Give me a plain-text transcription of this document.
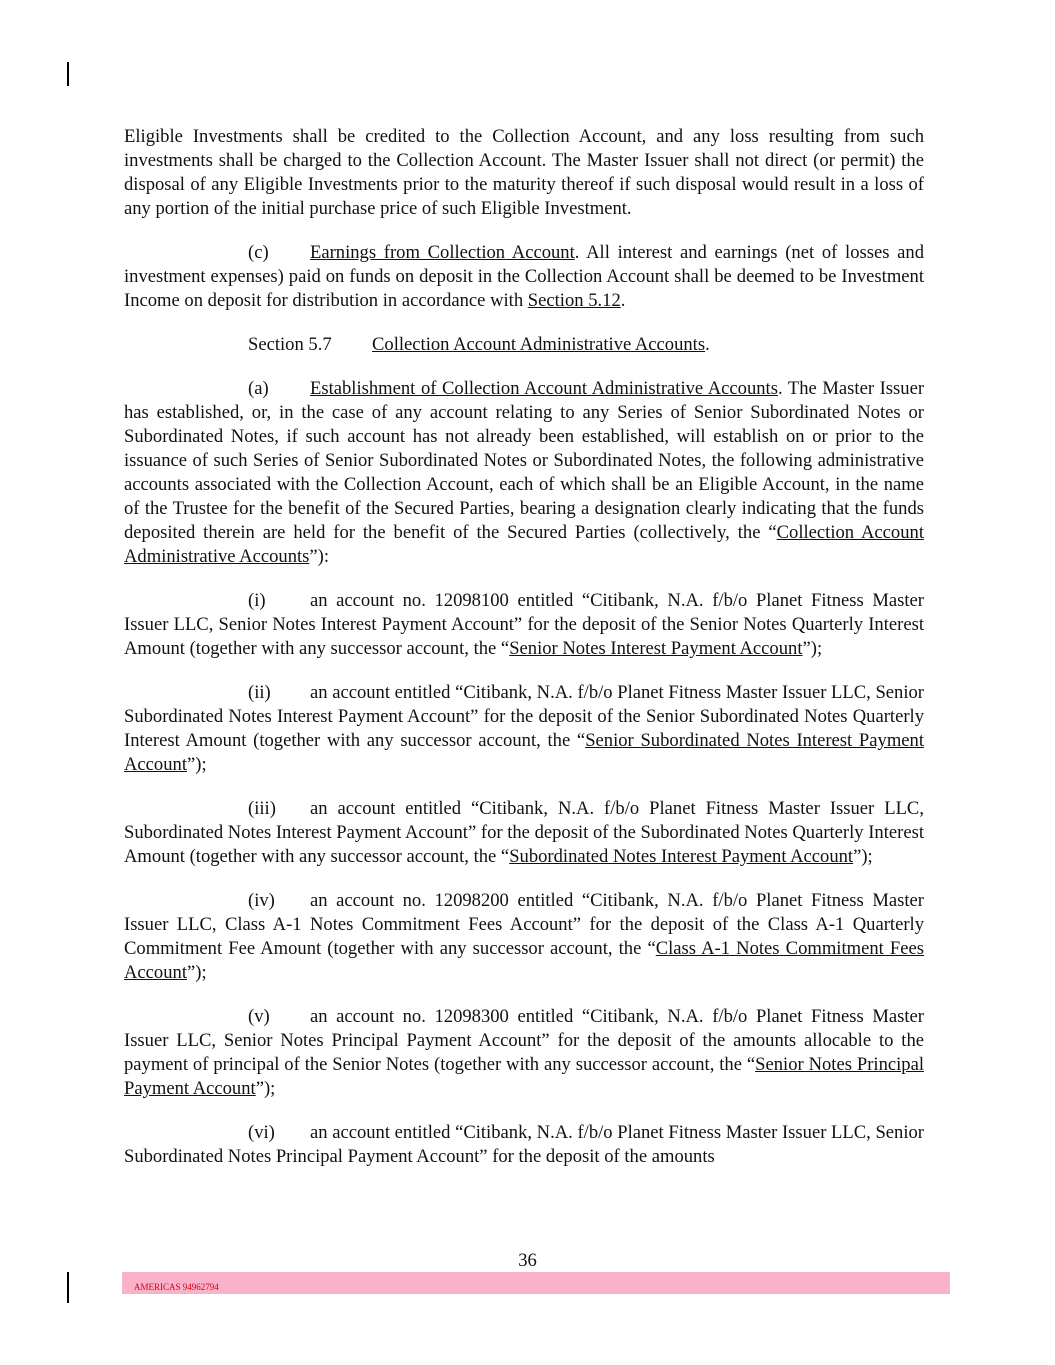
Eligible Investments shall be credited to the Collection Account, and any loss resulting from such investments shall be charged to the Collection Account. The Master Issuer shall not direct (or permit) the disposal of any Eligible Investments prior to the maturity thereof if such disposal would result in a loss of any portion of the initial purchase price of such Eligible Investment.

(c) Earnings from Collection Account. All interest and earnings (net of losses and investment expenses) paid on funds on deposit in the Collection Account shall be deemed to be Investment Income on deposit for distribution in accordance with Section 5.12.

Section 5.7 Collection Account Administrative Accounts.

(a) Establishment of Collection Account Administrative Accounts. The Master Issuer has established, or, in the case of any account relating to any Series of Senior Subordinated Notes or Subordinated Notes, if such account has not already been established, will establish on or prior to the issuance of such Series of Senior Subordinated Notes or Subordinated Notes, the following administrative accounts associated with the Collection Account, each of which shall be an Eligible Account, in the name of the Trustee for the benefit of the Secured Parties, bearing a designation clearly indicating that the funds deposited therein are held for the benefit of the Secured Parties (collectively, the “Collection Account Administrative Accounts”):

(i) an account no. 12098100 entitled “Citibank, N.A. f/b/o Planet Fitness Master Issuer LLC, Senior Notes Interest Payment Account” for the deposit of the Senior Notes Quarterly Interest Amount (together with any successor account, the “Senior Notes Interest Payment Account”);

(ii) an account entitled “Citibank, N.A. f/b/o Planet Fitness Master Issuer LLC, Senior Subordinated Notes Interest Payment Account” for the deposit of the Senior Subordinated Notes Quarterly Interest Amount (together with any successor account, the “Senior Subordinated Notes Interest Payment Account”);

(iii) an account entitled “Citibank, N.A. f/b/o Planet Fitness Master Issuer LLC, Subordinated Notes Interest Payment Account” for the deposit of the Subordinated Notes Quarterly Interest Amount (together with any successor account, the “Subordinated Notes Interest Payment Account”);

(iv) an account no. 12098200 entitled “Citibank, N.A. f/b/o Planet Fitness Master Issuer LLC, Class A-1 Notes Commitment Fees Account” for the deposit of the Class A-1 Quarterly Commitment Fee Amount (together with any successor account, the “Class A-1 Notes Commitment Fees Account”);

(v) an account no. 12098300 entitled “Citibank, N.A. f/b/o Planet Fitness Master Issuer LLC, Senior Notes Principal Payment Account” for the deposit of the amounts allocable to the payment of principal of the Senior Notes (together with any successor account, the “Senior Notes Principal Payment Account”);

(vi) an account entitled “Citibank, N.A. f/b/o Planet Fitness Master Issuer LLC, Senior Subordinated Notes Principal Payment Account” for the deposit of the amounts

36
AMERICAS 94962794
